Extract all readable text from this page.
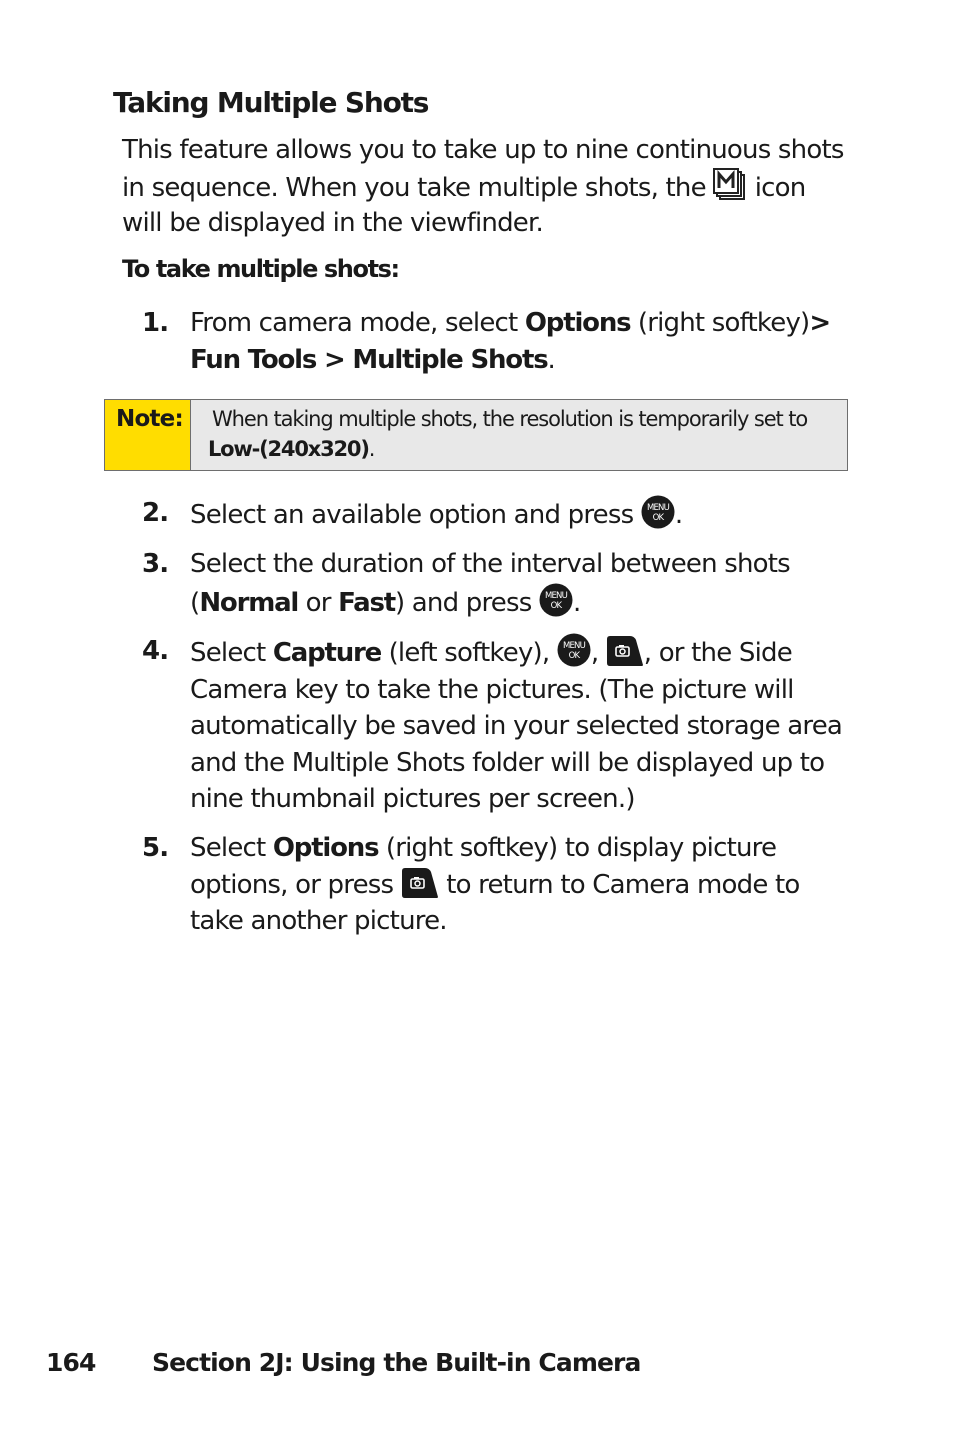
Taking Multiple Shots

This feature allows you to take up to nine continuous shots in sequence. When you take multiple shots, the
icon will be displayed in the viewfinder.

To take multiple shots:
1. From camera mode, select Options (right softkey)>
Fun Tools > Multiple Shots.
Note:	When taking multiple shots, the resolution is temporarily set to Low-(240x320).
2. Select an available option and press MENU
OK .
3. Select the duration of the interval between shots (Normal or Fast) and press MENU
OK .
4. Select Capture (left softkey), MENU
OK ,
, or the Side Camera key to take the pictures. (The picture will automatically be saved in your selected storage area and the Multiple Shots folder will be displayed up to nine thumbnail pictures per screen.)
5. Select Options (right softkey) to display picture options, or press
to return to Camera mode to take another picture.
164 Section 2J: Using the Built-in Camera
